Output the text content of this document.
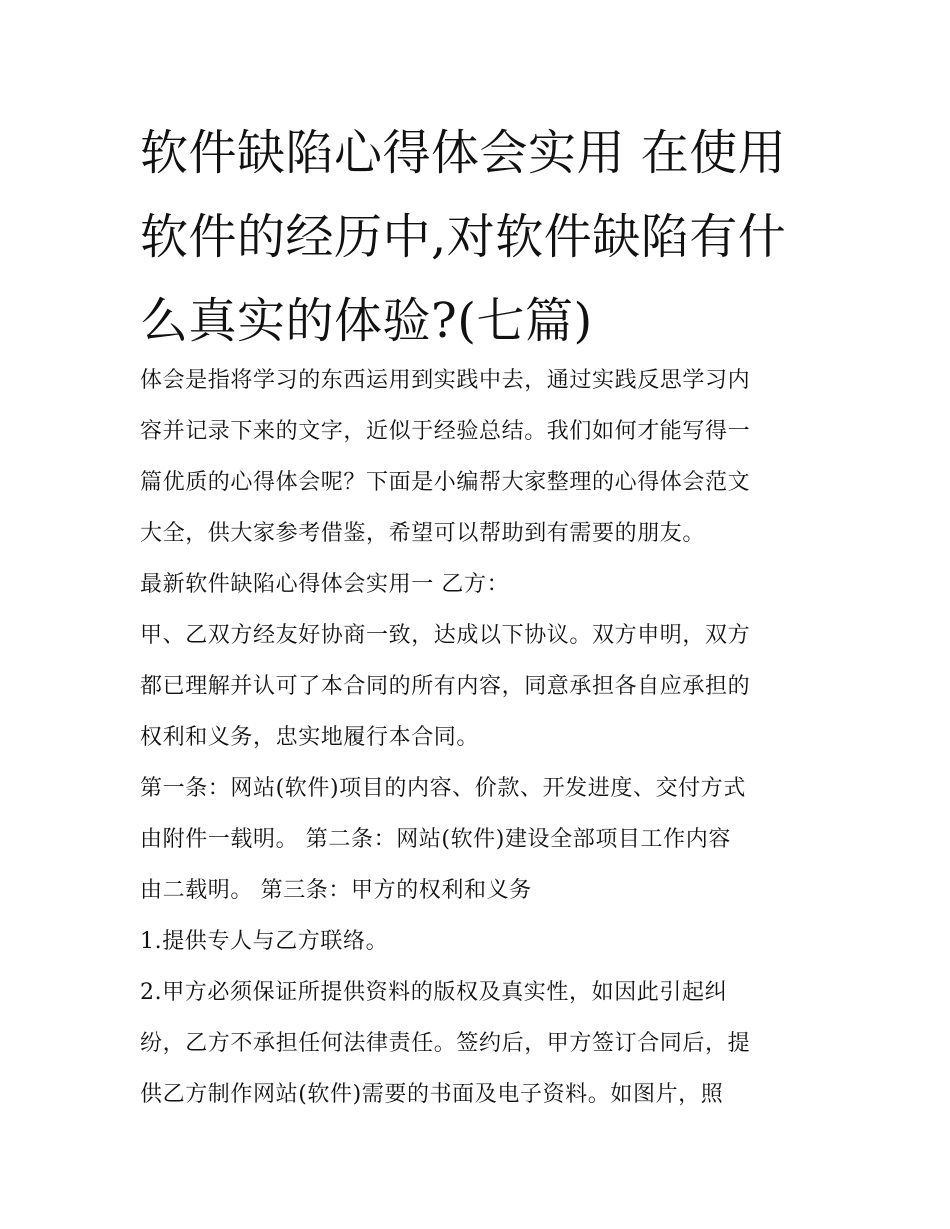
软件缺陷心得体会实用 在使用
软件的经历中,对软件缺陷有什
么真实的体验?(七篇)
体会是指将学习的东西运用到实践中去，通过实践反思学习内
容并记录下来的文字，近似于经验总结。我们如何才能写得一
篇优质的心得体会呢？下面是小编帮大家整理的心得体会范文
大全，供大家参考借鉴，希望可以帮助到有需要的朋友。
最新软件缺陷心得体会实用一 乙方：
甲、乙双方经友好协商一致，达成以下协议。双方申明，双方
都已理解并认可了本合同的所有内容，同意承担各自应承担的
权利和义务，忠实地履行本合同。
第一条：网站(软件)项目的内容、价款、开发进度、交付方式
由附件一载明。 第二条：网站(软件)建设全部项目工作内容
由二载明。 第三条：甲方的权利和义务
1.提供专人与乙方联络。
2.甲方必须保证所提供资料的版权及真实性，如因此引起纠
纷，乙方不承担任何法律责任。签约后，甲方签订合同后，提
供乙方制作网站(软件)需要的书面及电子资料。如图片，照
